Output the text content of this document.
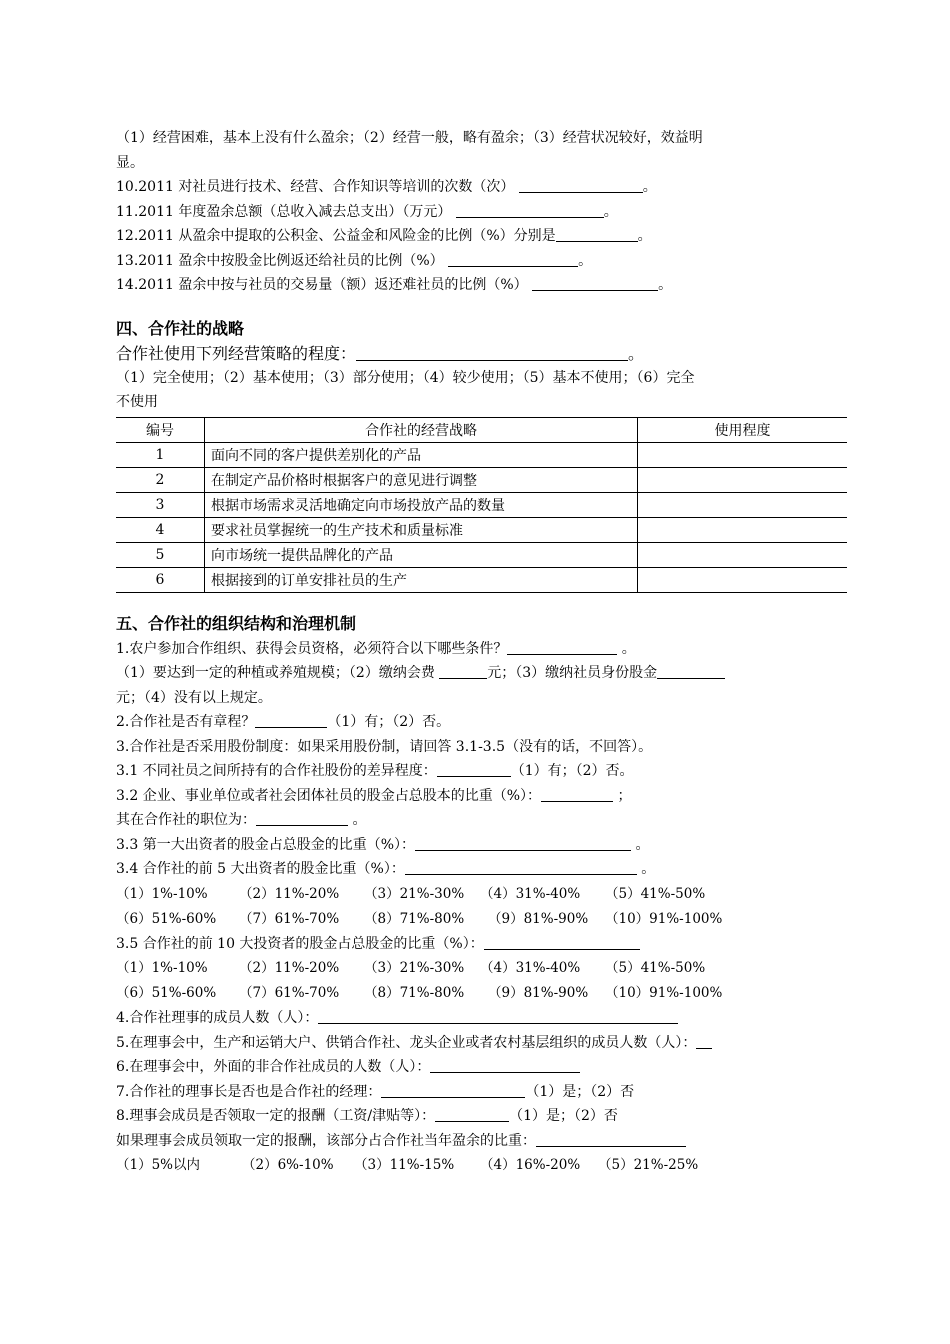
（1）经营困难，基本上没有什么盈余；（2）经营一般，略有盈余；（3）经营状况较好，效益明
显。
10.2011 对社员进行技术、经营、合作知识等培训的次数（次）	。
11.2011 年度盈余总额（总收入减去总支出）（万元）	。
12.2011 从盈余中提取的公积金、公益金和风险金的比例（%）分别是	。
13.2011 盈余中按股金比例返还给社员的比例（%）	。
14.2011 盈余中按与社员的交易量（额）返还难社员的比例（%）	。
四、合作社的战略
合作社使用下列经营策略的程度：	。
（1）完全使用；（2）基本使用；（3）部分使用；（4）较少使用；（5）基本不使用；（6）完全
不使用
编号	合作社的经营战略	使用程度
1	面向不同的客户提供差别化的产品	
2	在制定产品价格时根据客户的意见进行调整	
3	根据市场需求灵活地确定向市场投放产品的数量	
4	要求社员掌握统一的生产技术和质量标准	
5	向市场统一提供品牌化的产品	
6	根据接到的订单安排社员的生产	
五、合作社的组织结构和治理机制
1.农户参加合作组织、获得会员资格，必须符合以下哪些条件？	。
（1）要达到一定的种植或养殖规模；（2）缴纳会费	元；（3）缴纳社员身份股金
元；（4）没有以上规定。
2.合作社是否有章程？	（1）有；（2）否。
3.合作社是否采用股份制度：如果采用股份制，请回答 3.1-3.5（没有的话，不回答）。
3.1 不同社员之间所持有的合作社股份的差异程度：	（1）有；（2）否。
3.2 企业、事业单位或者社会团体社员的股金占总股本的比重（%）：	；
其在合作社的职位为：	。
3.3 第一大出资者的股金占总股金的比重（%）：	。
3.4 合作社的前 5 大出资者的股金比重（%）：	。
（1）1%-10%	（2）11%-20%	（3）21%-30%	（4）31%-40%	（5）41%-50%
（6）51%-60%	（7）61%-70%	（8）71%-80%	（9）81%-90%	（10）91%-100%
3.5 合作社的前 10 大投资者的股金占总股金的比重（%）：
（1）1%-10%	（2）11%-20%	（3）21%-30%	（4）31%-40%	（5）41%-50%
（6）51%-60%	（7）61%-70%	（8）71%-80%	（9）81%-90%	（10）91%-100%
4.合作社理事的成员人数（人）：
5.在理事会中，生产和运销大户、供销合作社、龙头企业或者农村基层组织的成员人数（人）：
6.在理事会中，外面的非合作社成员的人数（人）：
7.合作社的理事长是否也是合作社的经理：	（1）是；（2）否
8.理事会成员是否领取一定的报酬（工资/津贴等）：	（1）是；（2）否
如果理事会成员领取一定的报酬，该部分占合作社当年盈余的比重：
（1）5%以内	（2）6%-10%	（3）11%-15%	（4）16%-20%	（5）21%-25%
